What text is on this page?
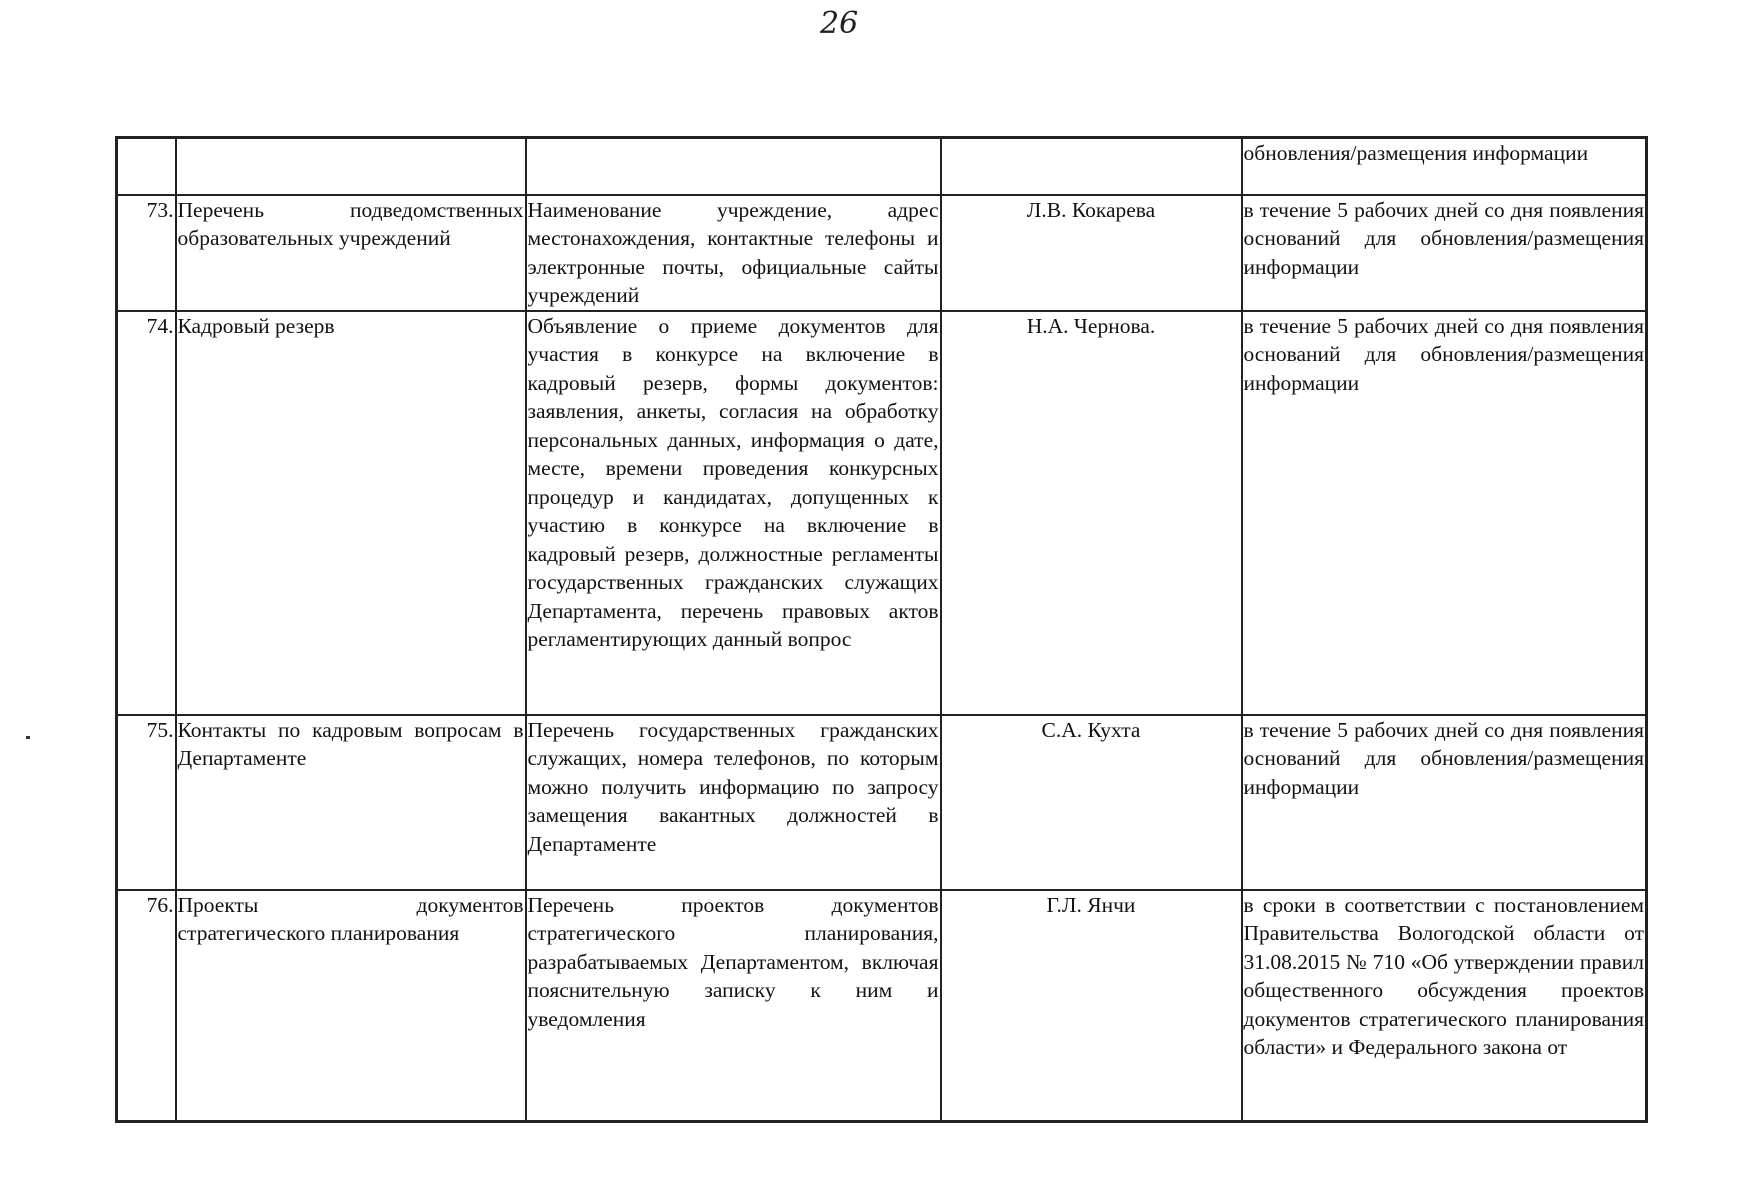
26
				обновления/размещения информации
73.	Перечень подведомственных образовательных учреждений	Наименование учреждение, адрес местонахождения, контактные телефоны и электронные почты, официальные сайты учреждений	Л.В. Кокарева	в течение 5 рабочих дней со дня появления оснований для обновления/размещения информации
74.	Кадровый резерв	Объявление о приеме документов для участия в конкурсе на включение в кадровый резерв, формы документов: заявления, анкеты, согласия на обработку персональных данных, информация о дате, месте, времени проведения конкурсных процедур и кандидатах, допущенных к участию в конкурсе на включение в кадровый резерв, должностные регламенты государственных гражданских служащих Департамента, перечень правовых актов регламентирующих данный вопрос	Н.А. Чернова.	в течение 5 рабочих дней со дня появления оснований для обновления/размещения информации
75.	Контакты по кадровым вопросам в Департаменте	Перечень государственных гражданских служащих, номера телефонов, по которым можно получить информацию по запросу замещения вакантных должностей в Департаменте	С.А. Кухта	в течение 5 рабочих дней со дня появления оснований для обновления/размещения информации
76.	Проекты документов стратегического планирования	Перечень проектов документов стратегического планирования, разрабатываемых Департаментом, включая пояснительную записку к ним и уведомления	Г.Л. Янчи	в сроки в соответствии с постановлением Правительства Вологодской области от 31.08.2015 № 710 «Об утверждении правил общественного обсуждения проектов документов стратегического планирования области» и Федерального закона от
